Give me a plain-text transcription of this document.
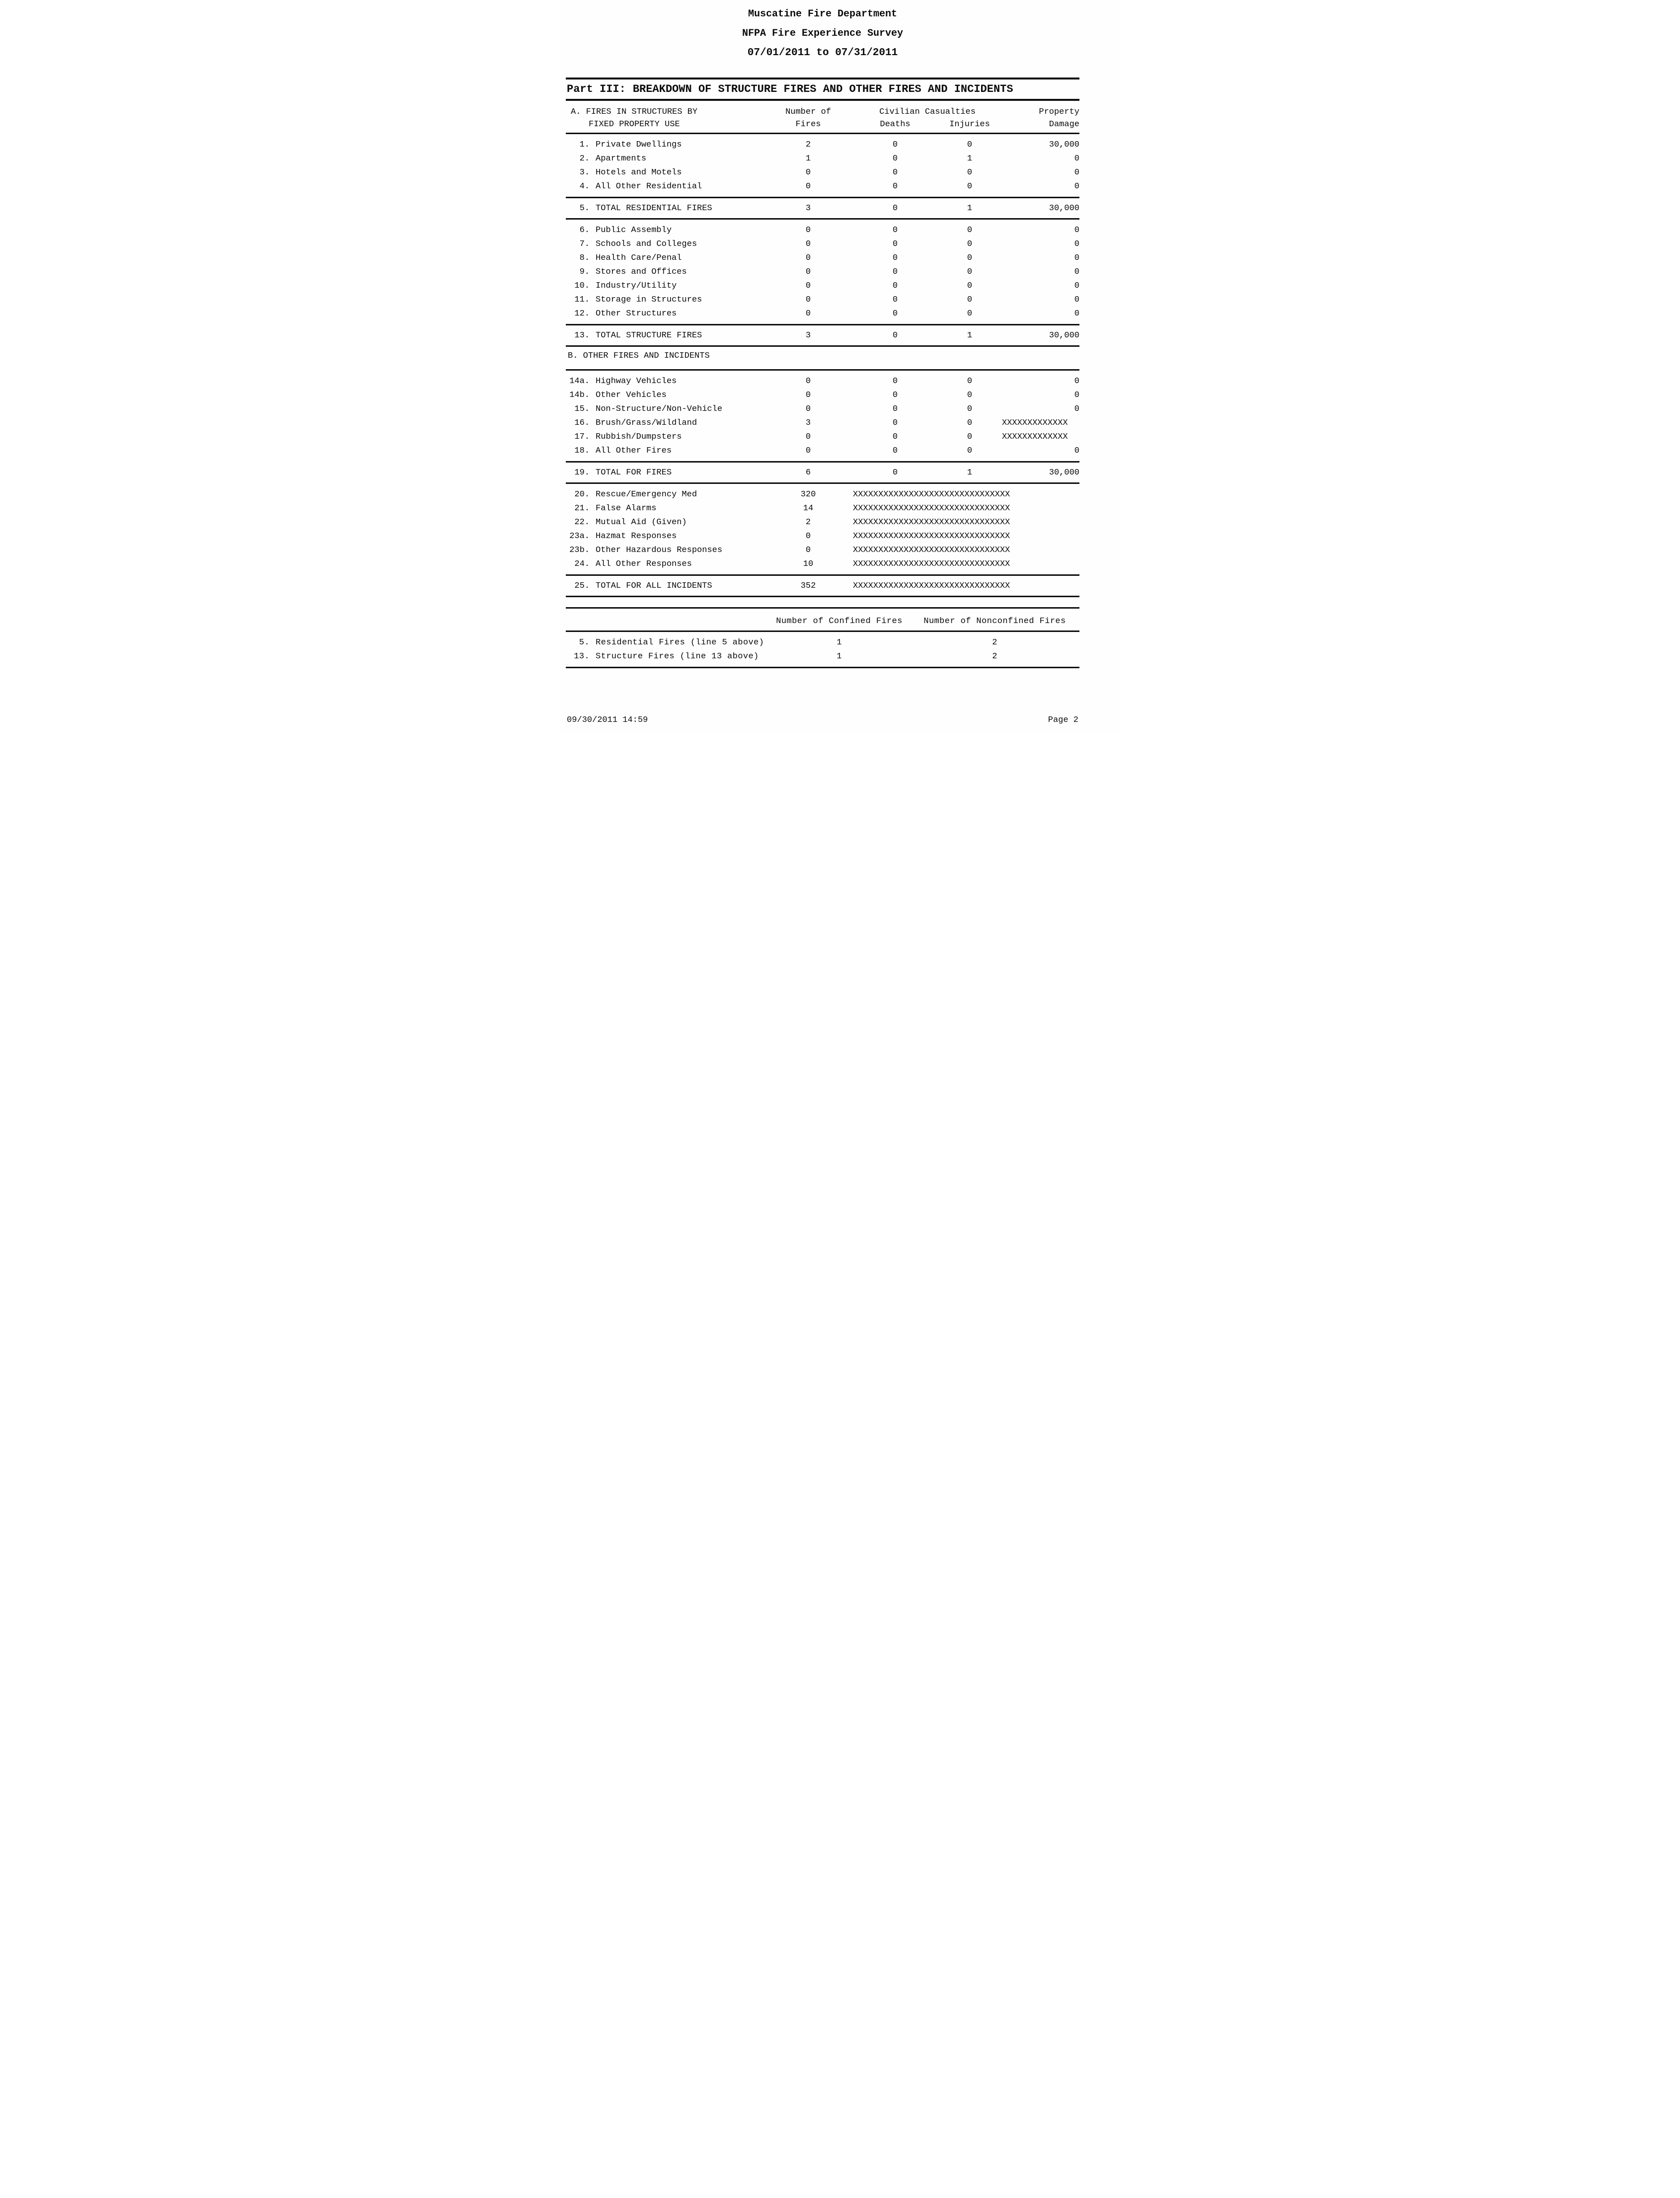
Muscatine Fire Department
NFPA Fire Experience Survey
07/01/2011 to 07/31/2011
Part III: BREAKDOWN OF STRUCTURE FIRES AND OTHER FIRES AND INCIDENTS
A. FIRES IN STRUCTURES BY	Number of	Civilian Casualties	Property
FIXED PROPERTY USE	Fires	Deaths	Injuries	Damage
1. Private Dwellings	2	0	0	30,000
2. Apartments	1	0	1	0
3. Hotels and Motels	0	0	0	0
4. All Other Residential	0	0	0	0
5. TOTAL RESIDENTIAL FIRES	3	0	1	30,000
6. Public Assembly	0	0	0	0
7. Schools and Colleges	0	0	0	0
8. Health Care/Penal	0	0	0	0
9. Stores and Offices	0	0	0	0
10. Industry/Utility	0	0	0	0
11. Storage in Structures	0	0	0	0
12. Other Structures	0	0	0	0
13. TOTAL STRUCTURE FIRES	3	0	1	30,000
B. OTHER FIRES AND INCIDENTS
14a. Highway Vehicles	0	0	0	0
14b. Other Vehicles	0	0	0	0
15. Non-Structure/Non-Vehicle	0	0	0	0
16. Brush/Grass/Wildland	3	0	0	XXXXXXXXXXXXX
17. Rubbish/Dumpsters	0	0	0	XXXXXXXXXXXXX
18. All Other Fires	0	0	0	0
19. TOTAL FOR FIRES	6	0	1	30,000
20. Rescue/Emergency Med	320	XXXXXXXXXXXXXXXXXXXXXXXXXXXXXXX
21. False Alarms	14	XXXXXXXXXXXXXXXXXXXXXXXXXXXXXXX
22. Mutual Aid (Given)	2	XXXXXXXXXXXXXXXXXXXXXXXXXXXXXXX
23a. Hazmat Responses	0	XXXXXXXXXXXXXXXXXXXXXXXXXXXXXXX
23b. Other Hazardous Responses	0	XXXXXXXXXXXXXXXXXXXXXXXXXXXXXXX
24. All Other Responses	10	XXXXXXXXXXXXXXXXXXXXXXXXXXXXXXX
25. TOTAL FOR ALL INCIDENTS	352	XXXXXXXXXXXXXXXXXXXXXXXXXXXXXXX
Number of Confined Fires	Number of Nonconfined Fires
5. Residential Fires (line 5 above)	1	2
13. Structure Fires (line 13 above)	1	2
09/30/2011 14:59	Page 2
